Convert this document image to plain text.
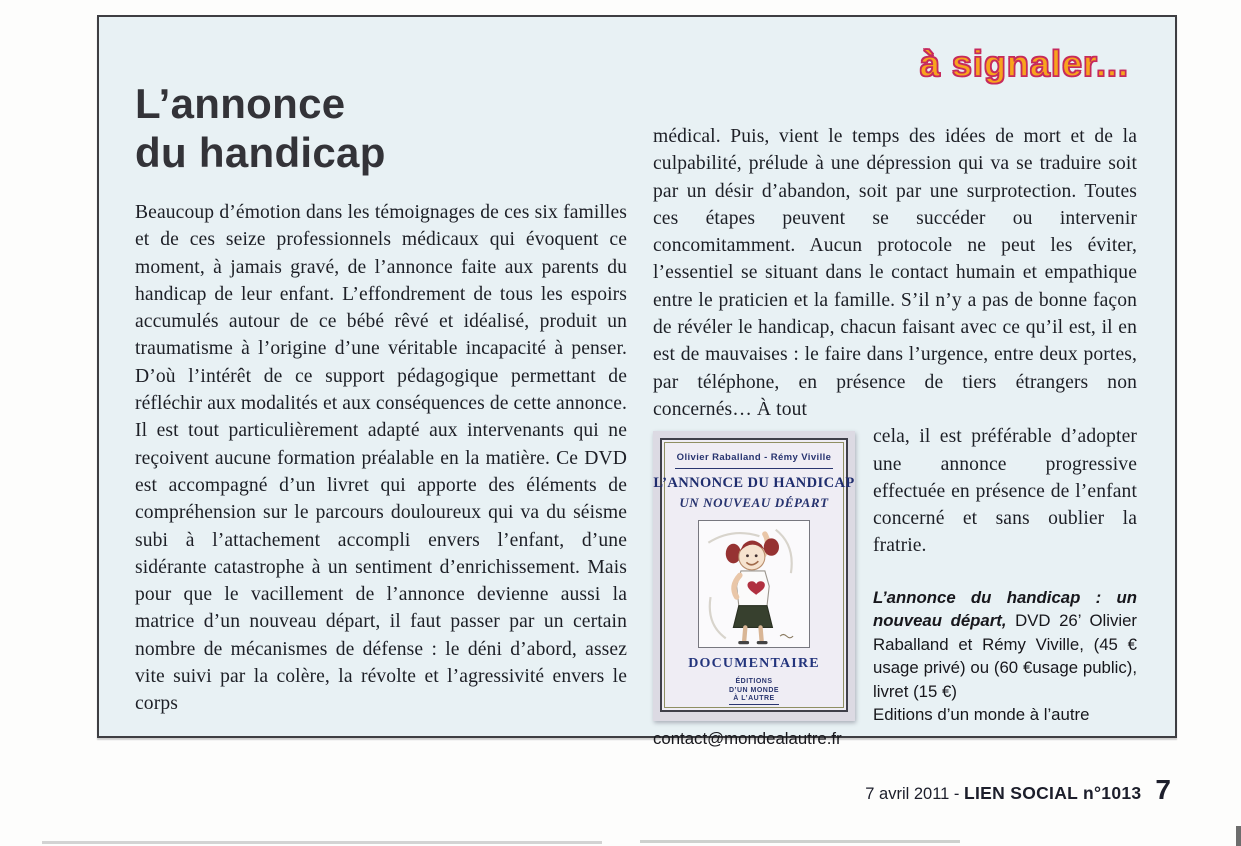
à signaler...
L’annonce
du handicap

Beaucoup d’émotion dans les témoignages de ces six familles et de ces seize professionnels médicaux qui évoquent ce moment, à jamais gravé, de l’annonce faite aux parents du handicap de leur enfant. L’effondrement de tous les espoirs accumulés autour de ce bébé rêvé et idéalisé, produit un traumatisme à l’origine d’une véritable incapacité à penser. D’où l’intérêt de ce support pédagogique permettant de réfléchir aux modalités et aux conséquences de cette annonce. Il est tout particulièrement adapté aux intervenants qui ne reçoivent aucune formation préalable en la matière. Ce DVD est accompagné d’un livret qui apporte des éléments de compréhension sur le parcours douloureux qui va du séisme subi à l’attachement accompli envers l’enfant, d’une sidérante catastrophe à un sentiment d’enrichissement. Mais pour que le vacillement de l’annonce devienne aussi la matrice d’un nouveau départ, il faut passer par un certain nombre de mécanismes de défense : le déni d’abord, assez vite suivi par la colère, la révolte et l’agressivité envers le corps

médical. Puis, vient le temps des idées de mort et de la culpabilité, prélude à une dépression qui va se traduire soit par un désir d’abandon, soit par une surprotection. Toutes ces étapes peuvent se succéder ou intervenir concomitamment. Aucun protocole ne peut les éviter, l’essentiel se situant dans le contact humain et empathique entre le praticien et la famille. S’il n’y a pas de bonne façon de révéler le handicap, chacun faisant avec ce qu’il est, il en est de mauvaises : le faire dans l’urgence, entre deux portes, par téléphone, en présence de tiers étrangers non concernés… À tout

Olivier Raballand - Rémy Viville
L’ANNONCE DU HANDICAP
UN NOUVEAU DÉPART
DOCUMENTAIRE
ÉDITIONS
D’UN MONDE
À L’AUTRE

cela, il est préférable d’adopter une annonce progressive effectuée en présence de l’enfant concerné et sans oublier la fratrie.

L’annonce du handicap : un nouveau départ, DVD 26’ Olivier Raballand et Rémy Viville, (45 € usage privé) ou (60 €usage public), livret (15 €)

Editions d’un monde à l’autre
contact@mondealautre.fr
7 avril 2011 - LIEN SOCIAL n°1013 7
